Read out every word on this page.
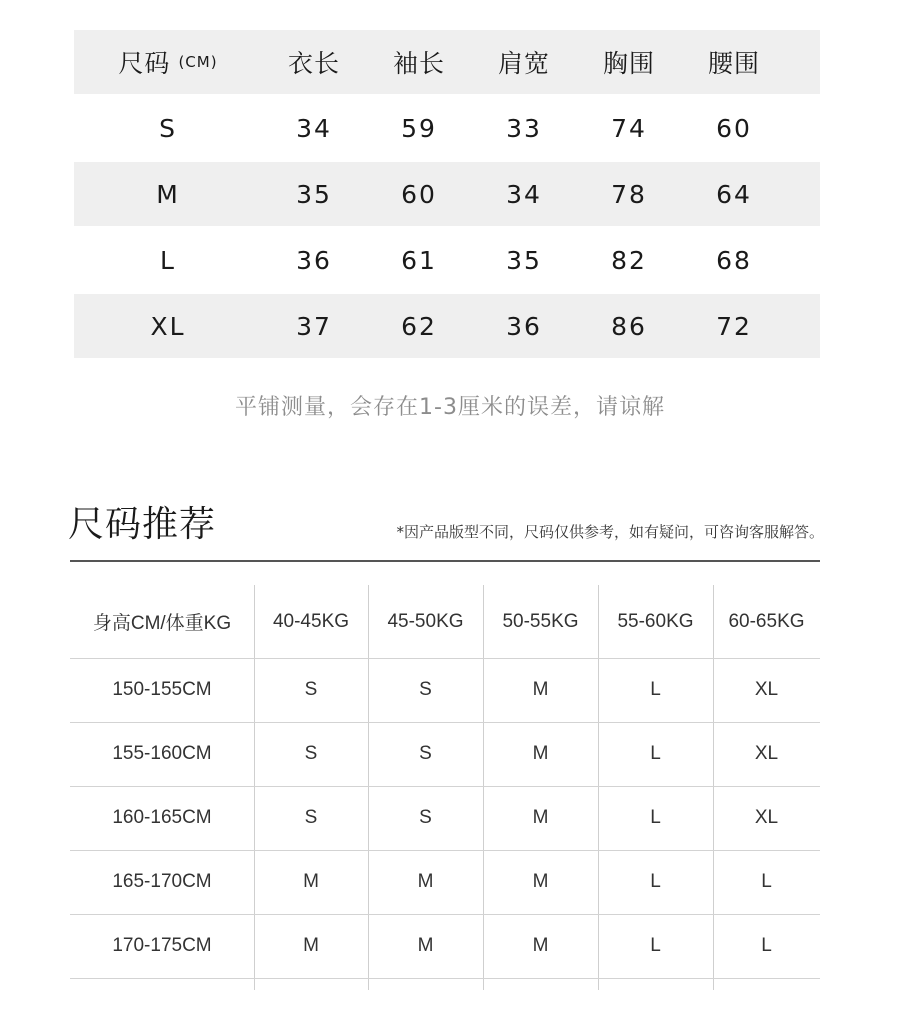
尺码 (CM)	衣长	袖长	肩宽	胸围	腰围
S	34	59	33	74	60
M	35	60	34	78	64
L	36	61	35	82	68
XL	37	62	36	86	72
平铺测量，会存在1-3厘米的误差，请谅解
尺码推荐	*因产品版型不同，尺码仅供参考，如有疑问，可咨询客服解答。
身高CM/体重KG	40-45KG	45-50KG	50-55KG	55-60KG	60-65KG
150-155CM	S	S	M	L	XL
155-160CM	S	S	M	L	XL
160-165CM	S	S	M	L	XL
165-170CM	M	M	M	L	L
170-175CM	M	M	M	L	L
